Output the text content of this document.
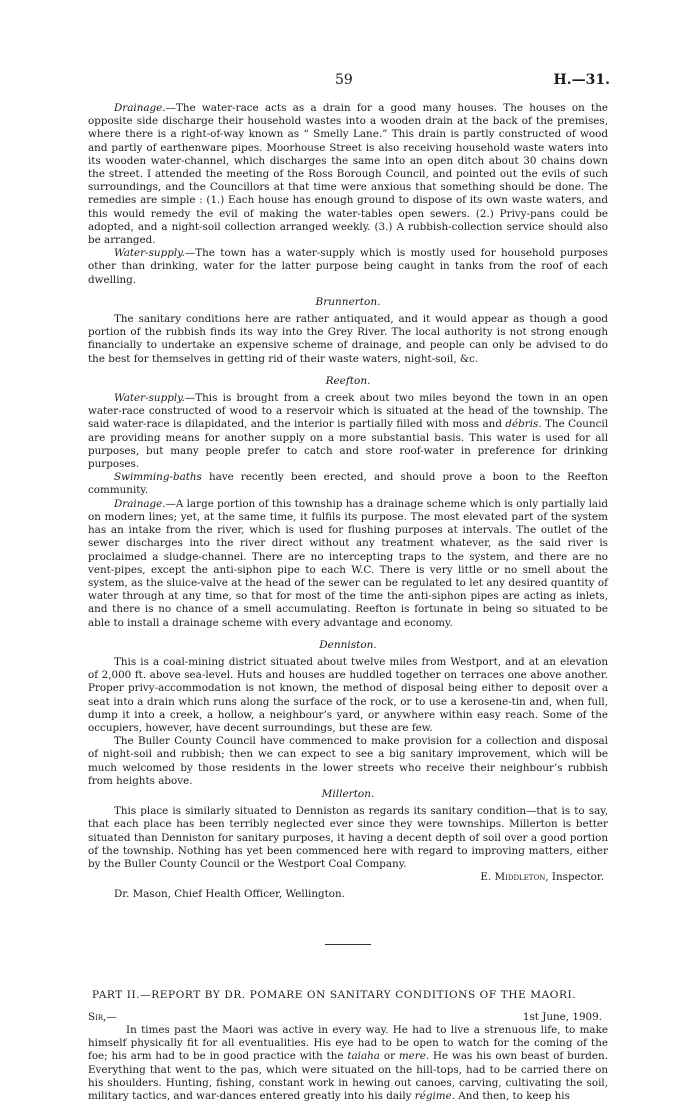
59	H.—31.

Drainage.—The water-race acts as a drain for a good many houses. The houses on the opposite side discharge their household wastes into a wooden drain at the back of the premises, where there is a right-of-way known as “ Smelly Lane.” This drain is partly constructed of wood and partly of earthenware pipes. Moorhouse Street is also receiving household waste waters into its wooden water-channel, which discharges the same into an open ditch about 30 chains down the street. I attended the meeting of the Ross Borough Council, and pointed out the evils of such surroundings, and the Councillors at that time were anxious that something should be done. The remedies are simple : (1.) Each house has enough ground to dispose of its own waste waters, and this would remedy the evil of making the water-tables open sewers. (2.) Privy-pans could be adopted, and a night-soil collection arranged weekly. (3.) A rubbish-collection service should also be arranged.

Water-supply.—The town has a water-supply which is mostly used for household purposes other than drinking, water for the latter purpose being caught in tanks from the roof of each dwelling.

Brunnerton.

The sanitary conditions here are rather antiquated, and it would appear as though a good portion of the rubbish finds its way into the Grey River. The local authority is not strong enough financially to undertake an expensive scheme of drainage, and people can only be advised to do the best for themselves in getting rid of their waste waters, night-soil, &c.

Reefton.

Water-supply.—This is brought from a creek about two miles beyond the town in an open water-race constructed of wood to a reservoir which is situated at the head of the township. The said water-race is dilapidated, and the interior is partially filled with moss and débris. The Council are providing means for another supply on a more substantial basis. This water is used for all purposes, but many people prefer to catch and store roof-water in preference for drinking purposes.

Swimming-baths have recently been erected, and should prove a boon to the Reefton community.

Drainage.—A large portion of this township has a drainage scheme which is only partially laid on modern lines; yet, at the same time, it fulfils its purpose. The most elevated part of the system has an intake from the river, which is used for flushing purposes at intervals. The outlet of the sewer discharges into the river direct without any treatment whatever, as the said river is proclaimed a sludge-channel. There are no intercepting traps to the system, and there are no vent-pipes, except the anti-siphon pipe to each W.C. There is very little or no smell about the system, as the sluice-valve at the head of the sewer can be regulated to let any desired quantity of water through at any time, so that for most of the time the anti-siphon pipes are acting as inlets, and there is no chance of a smell accumulating. Reefton is fortunate in being so situated to be able to install a drainage scheme with every advantage and economy.

Denniston.

This is a coal-mining district situated about twelve miles from Westport, and at an elevation of 2,000 ft. above sea-level. Huts and houses are huddled together on terraces one above another. Proper privy-accommodation is not known, the method of disposal being either to deposit over a seat into a drain which runs along the surface of the rock, or to use a kerosene-tin and, when full, dump it into a creek, a hollow, a neighbour’s yard, or anywhere within easy reach. Some of the occupiers, however, have decent surroundings, but these are few.

The Buller County Council have commenced to make provision for a collection and disposal of night-soil and rubbish; then we can expect to see a big sanitary improvement, which will be much welcomed by those residents in the lower streets who receive their neighbour’s rubbish from heights above.

Millerton.

This place is similarly situated to Denniston as regards its sanitary condition—that is to say, that each place has been terribly neglected ever since they were townships. Millerton is better situated than Denniston for sanitary purposes, it having a decent depth of soil over a good portion of the township. Nothing has yet been commenced here with regard to improving matters, either by the Buller County Council or the Westport Coal Company.

E. Middleton, Inspector.

Dr. Mason, Chief Health Officer, Wellington.

PART II.—REPORT BY DR. POMARE ON SANITARY CONDITIONS OF THE MAORI.

1st June, 1909.

Sir,—

In times past the Maori was active in every way. He had to live a strenuous life, to make himself physically fit for all eventualities. His eye had to be open to watch for the coming of the foe; his arm had to be in good practice with the taiaha or mere. He was his own beast of burden. Everything that went to the pas, which were situated on the hill-tops, had to be carried there on his shoulders. Hunting, fishing, constant work in hewing out canoes, carving, cultivating the soil, military tactics, and war-dances entered greatly into his daily régime. And then, to keep his
